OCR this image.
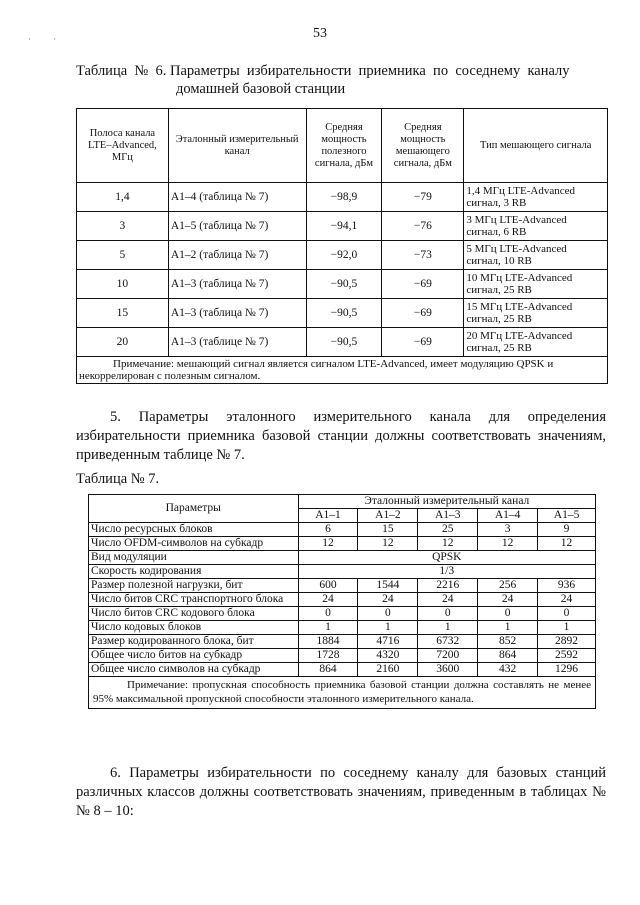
53
· ·
Таблица  №  6. Параметры  избирательности  приемника  по  соседнему  каналу
домашней базовой станции
Полоса канала LTE–Advanced, МГц	Эталонный измерительный канал	Средняя мощность полезного сигнала, дБм	Средняя мощность мешающего сигнала, дБм	Тип мешающего сигнала
1,4	А1–4 (таблица № 7)	−98,9	−79	1,4 МГц LTE-Advanced
сигнал, 3 RB

3	А1–5 (таблица № 7)	−94,1	−76	3 МГц LTE-Advanced
сигнал, 6 RB

5	А1–2 (таблица № 7)	−92,0	−73	5 МГц LTE-Advanced
сигнал, 10 RB

10	А1–3 (таблица № 7)	−90,5	−69	10 МГц LTE-Advanced
сигнал, 25 RB

15	А1–3 (таблица № 7)	−90,5	−69	15 МГц LTE-Advanced
сигнал, 25 RB

20	А1–3 (таблице № 7)	−90,5	−69	20 МГц LTE-Advanced
сигнал, 25 RB

Примечание: мешающий сигнал является сигналом LTE-Advanced, имеет модуляцию QPSK и некоррелирован с полезным сигналом.				
5. Параметры эталонного измерительного канала для определения избирательности приемника базовой станции должны соответствовать значениям, приведенным таблице № 7.
Таблица № 7.
Параметры	Эталонный измерительный канал				
	А1–1	А1–2	А1–3	А1–4	А1–5
Число ресурсных блоков	6	15	25	3	9
Число OFDM-символов на субкадр	12	12	12	12	12
Вид модуляции	QPSK				
Скорость кодирования	1/3				
Размер полезной нагрузки, бит	600	1544	2216	256	936
Число битов CRC транспортного блока	24	24	24	24	24
Число битов CRC кодового блока	0	0	0	0	0
Число кодовых блоков	1	1	1	1	1
Размер кодированного блока, бит	1884	4716	6732	852	2892
Общее число битов на субкадр	1728	4320	7200	864	2592
Общее число символов на субкадр	864	2160	3600	432	1296

Примечание: пропускная способность приемника базовой станции должна составлять не менее 95% максимальной пропускной способности эталонного измерительного канала.					
6. Параметры избирательности по соседнему каналу для базовых станций различных классов должны соответствовать значениям, приведенным в таблицах №№ 8 – 10:
